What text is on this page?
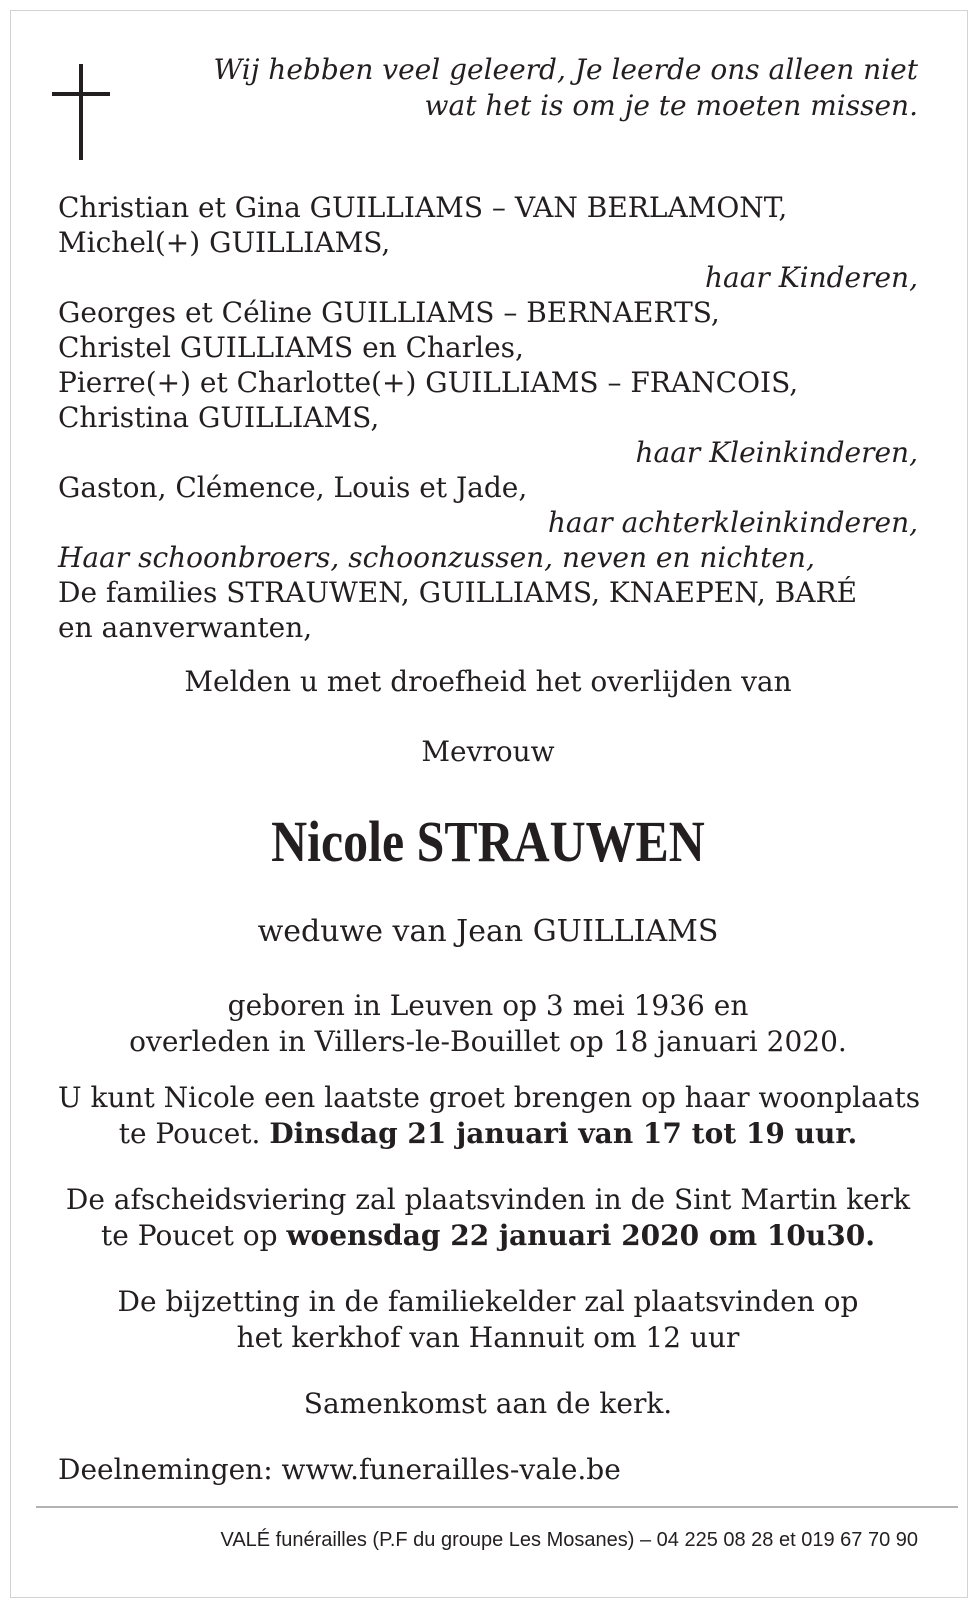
Wij hebben veel geleerd, Je leerde ons alleen niet
wat het is om je te moeten missen.
Christian et Gina GUILLIAMS – VAN BERLAMONT,
Michel(+) GUILLIAMS,
haar Kinderen,
Georges et Céline GUILLIAMS – BERNAERTS,
Christel GUILLIAMS en Charles,
Pierre(+) et Charlotte(+) GUILLIAMS – FRANCOIS,
Christina GUILLIAMS,
haar Kleinkinderen,
Gaston, Clémence, Louis et Jade,
haar achterkleinkinderen,
Haar schoonbroers, schoonzussen, neven en nichten,
De families STRAUWEN, GUILLIAMS, KNAEPEN, BARÉ
en aanverwanten,
Melden u met droefheid het overlijden van
Mevrouw
Nicole STRAUWEN
weduwe van Jean GUILLIAMS
geboren in Leuven op 3 mei 1936 en
overleden in Villers-le-Bouillet op 18 januari 2020.
U kunt Nicole een laatste groet brengen op haar woonplaats
te Poucet. Dinsdag 21 januari van 17 tot 19 uur.
De afscheidsviering zal plaatsvinden in de Sint Martin kerk
te Poucet op woensdag 22 januari 2020 om 10u30.
De bijzetting in de familiekelder zal plaatsvinden op
het kerkhof van Hannuit om 12 uur
Samenkomst aan de kerk.
Deelnemingen: www.funerailles-vale.be
VALÉ funérailles (P.F du groupe Les Mosanes) – 04 225 08 28 et 019 67 70 90
